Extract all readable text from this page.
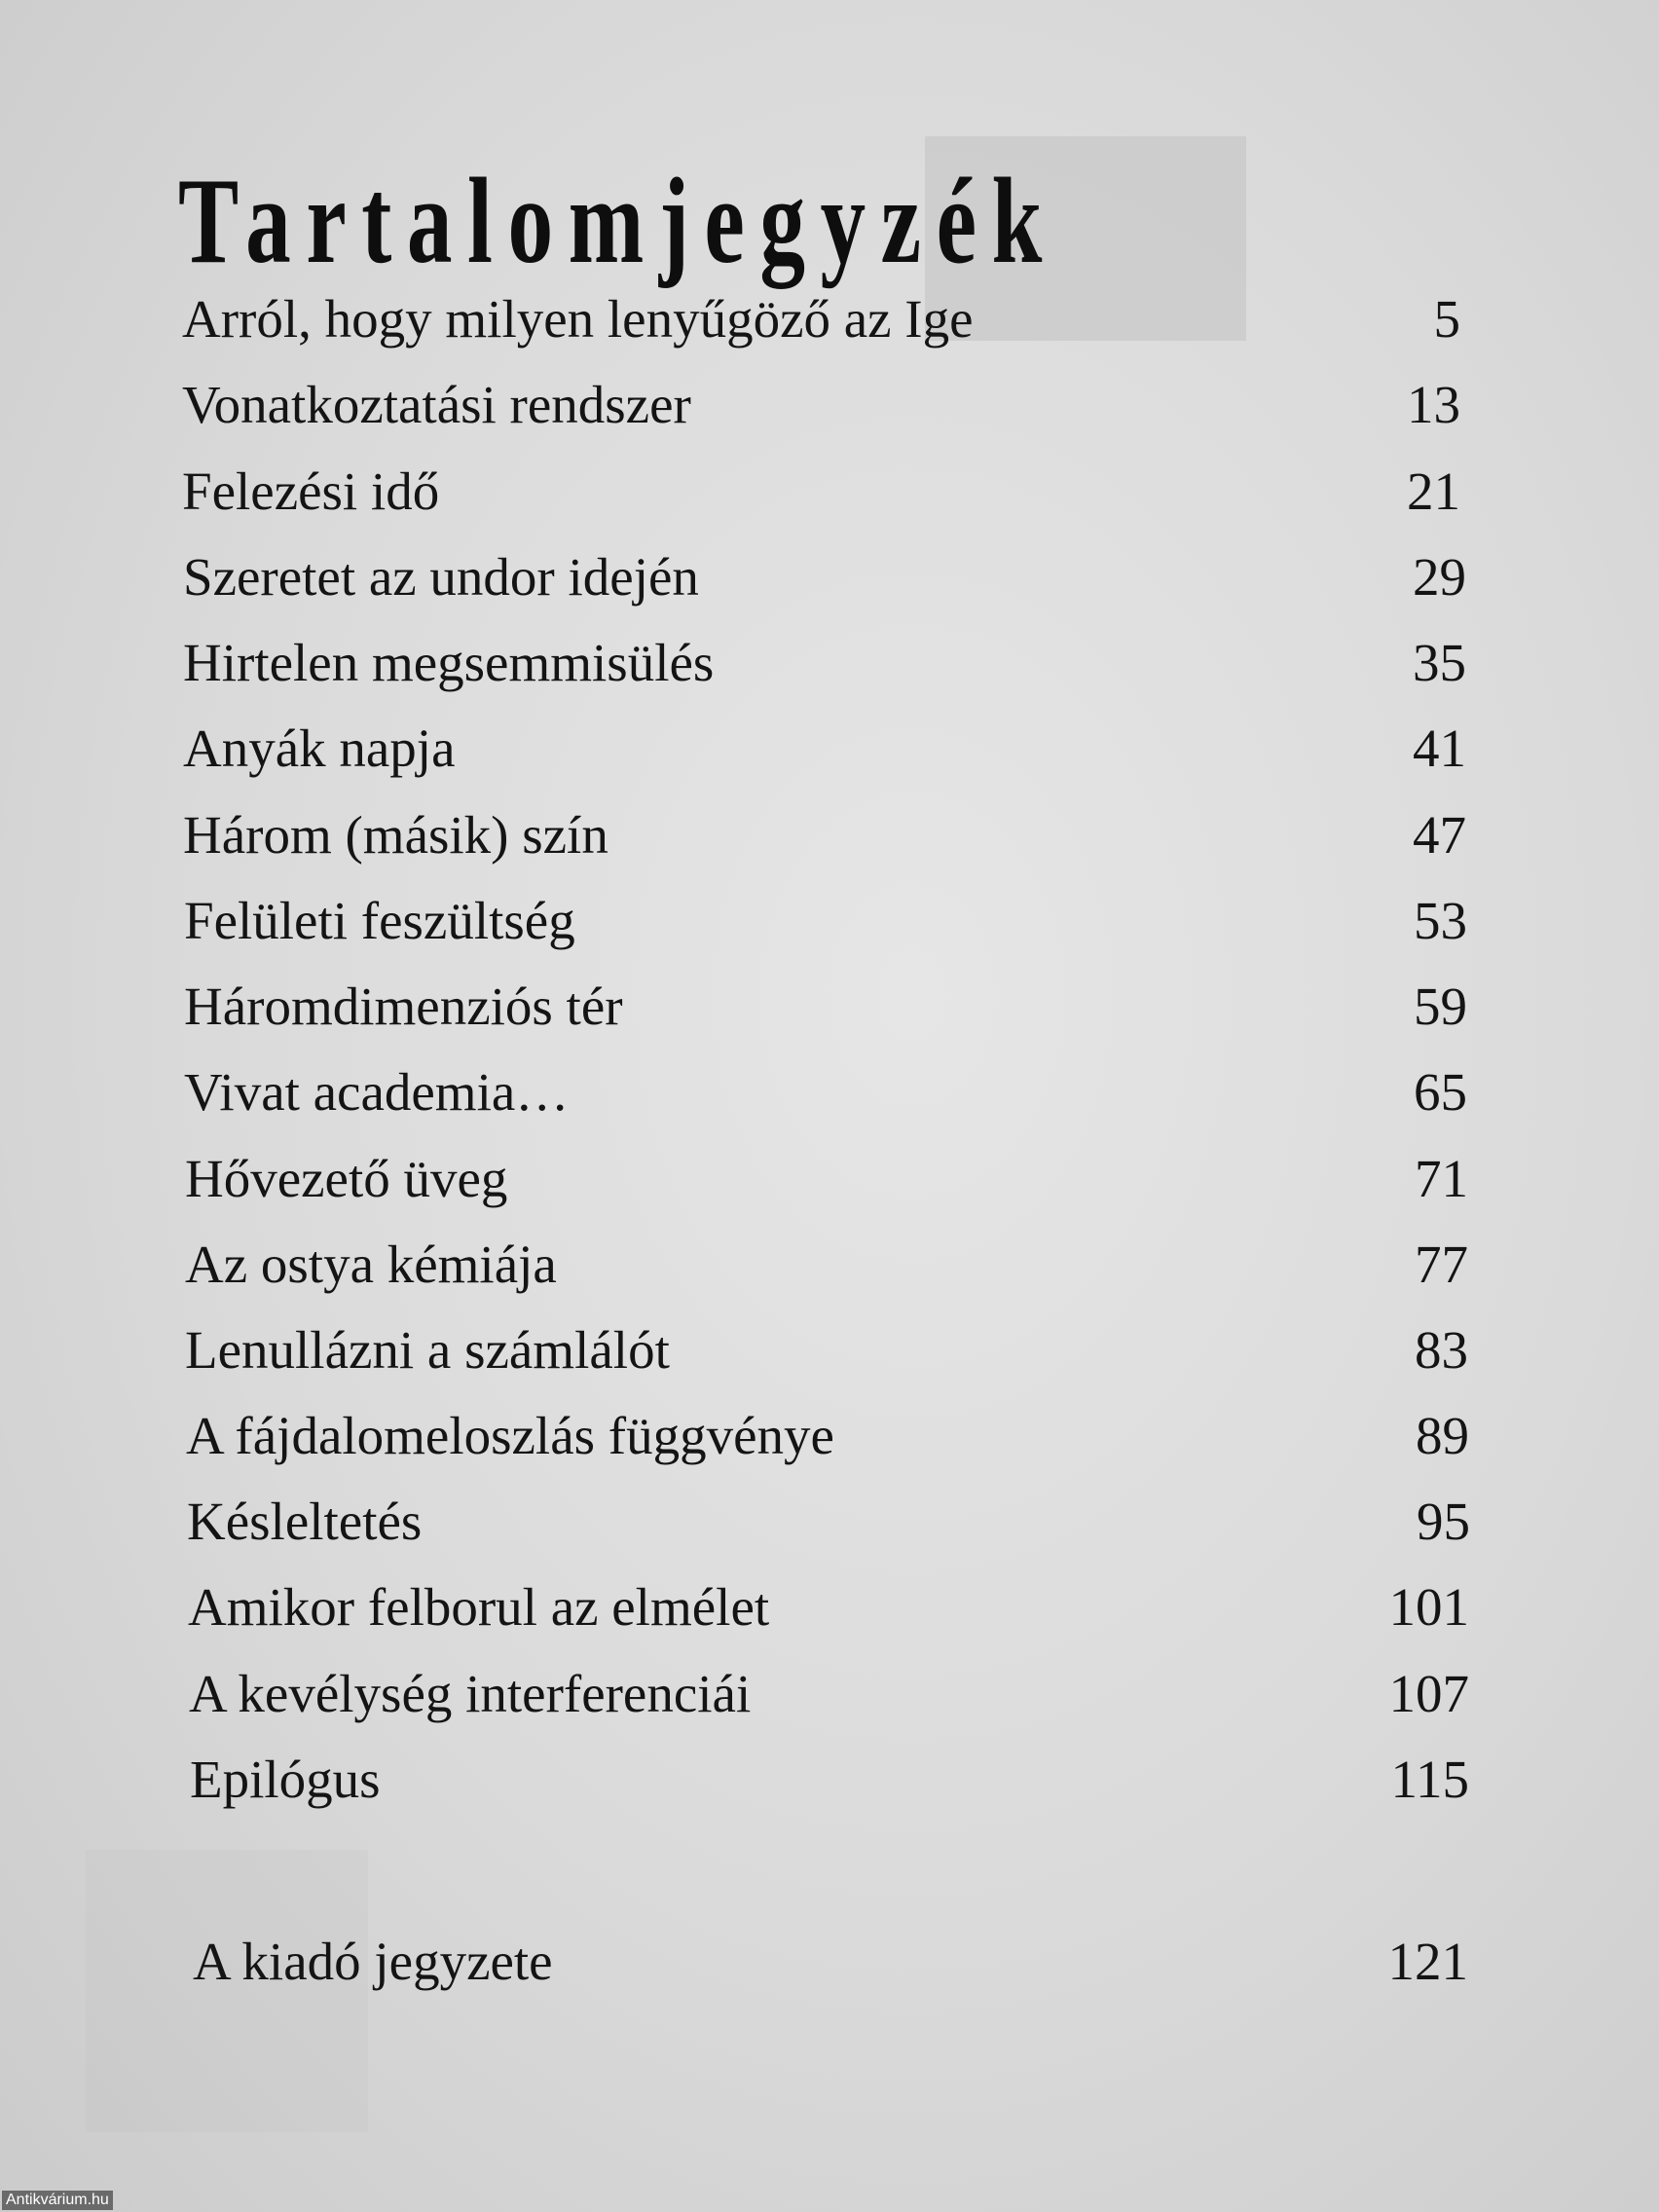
Tartalomjegyzék
Arról, hogy milyen lenyűgöző az Ige	5
Vonatkoztatási rendszer	13
Felezési idő	21
Szeretet az undor idején	29
Hirtelen megsemmisülés	35
Anyák napja	41
Három (másik) szín	47
Felületi feszültség	53
Háromdimenziós tér	59
Vivat academia…	65
Hővezető üveg	71
Az ostya kémiája	77
Lenullázni a számlálót	83
A fájdalomeloszlás függvénye	89
Késleltetés	95
Amikor felborul az elmélet	101
A kevélység interferenciái	107
Epilógus	115
A kiadó jegyzete	121
Antikvárium.hu
